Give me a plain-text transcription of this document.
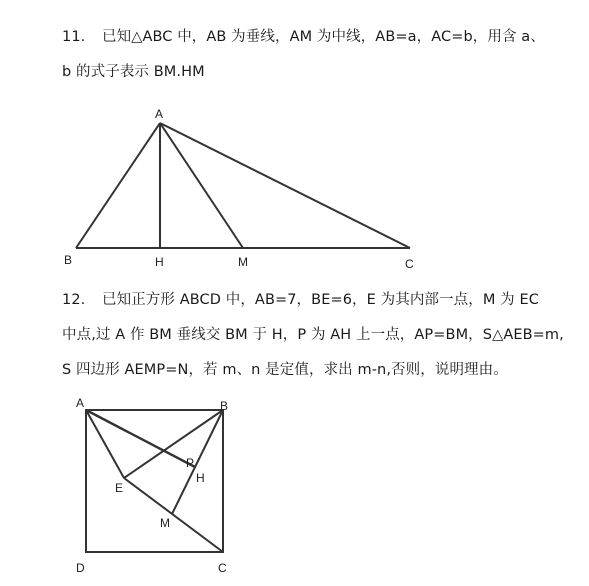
11. 已知△ABC 中，AB 为垂线，AM 为中线，AB=a，AC=b，用含 a、
b 的式子表示 BM.HM
A
B	H	M	C
A	B
C
D
E
M
P
H
12. 已知正方形 ABCD 中，AB=7，BE=6，E 为其内部一点，M 为 EC
中点,过 A 作 BM 垂线交 BM 于 H，P 为 AH 上一点，AP=BM，S△AEB=m,
S 四边形 AEMP=N，若 m、n 是定值，求出 m-n,否则，说明理由。
